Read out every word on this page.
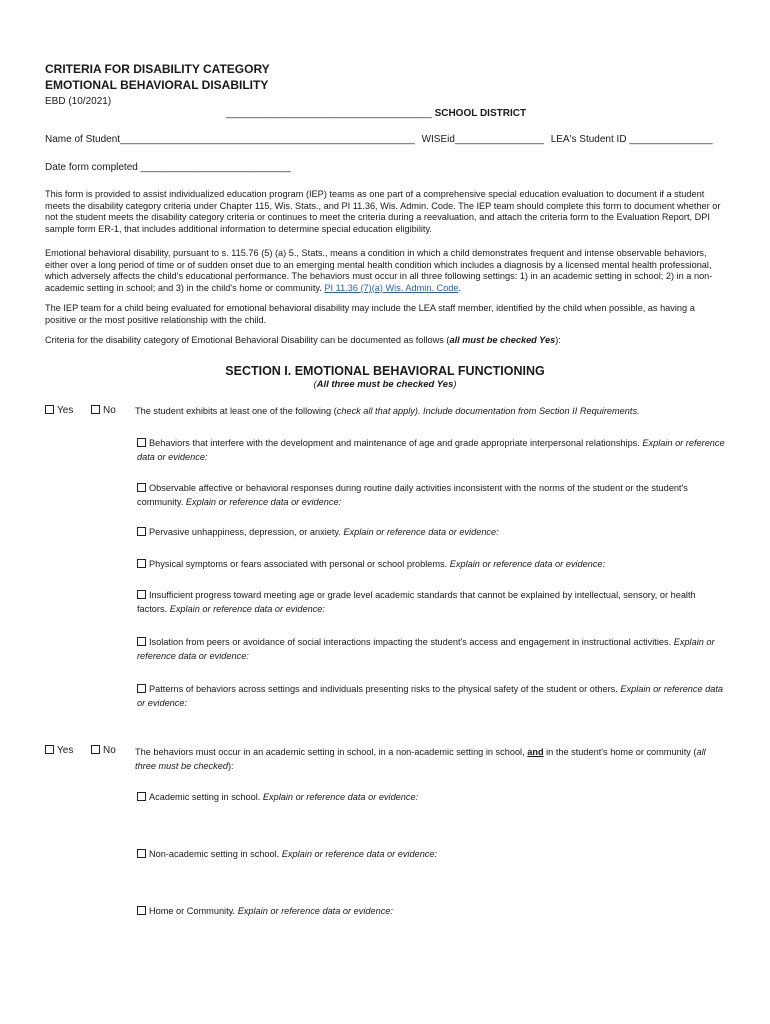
CRITERIA FOR DISABILITY CATEGORY
EMOTIONAL BEHAVIORAL DISABILITY
EBD (10/2021)
_____________________________________ SCHOOL DISTRICT
Name of Student_____________________________________________________ WISEid________________ LEA's Student ID _______________
Date form completed ___________________________
This form is provided to assist individualized education program (IEP) teams as one part of a comprehensive special education evaluation to document if a student meets the disability category criteria under Chapter 115, Wis. Stats., and PI 11.36, Wis. Admin. Code. The IEP team should complete this form to document whether or not the student meets the disability category criteria or continues to meet the criteria during a reevaluation, and attach the criteria form to the Evaluation Report, DPI sample form ER-1, that includes additional information to determine special education eligibility.
Emotional behavioral disability, pursuant to s. 115.76 (5) (a) 5., Stats., means a condition in which a child demonstrates frequent and intense observable behaviors, either over a long period of time or of sudden onset due to an emerging mental health condition which includes a diagnosis by a licensed mental health professional, which adversely affects the child's educational performance. The behaviors must occur in all three following settings: 1) in an academic setting in school; 2) in a non-academic setting in school; and 3) in the child's home or community. PI 11.36 (7)(a) Wis. Admin. Code.
The IEP team for a child being evaluated for emotional behavioral disability may include the LEA staff member, identified by the child when possible, as having a positive or the most positive relationship with the child.
Criteria for the disability category of Emotional Behavioral Disability can be documented as follows (all must be checked Yes):
SECTION I. EMOTIONAL BEHAVIORAL FUNCTIONING
(All three must be checked Yes)
Yes	No The student exhibits at least one of the following (check all that apply). Include documentation from Section II Requirements.
Behaviors that interfere with the development and maintenance of age and grade appropriate interpersonal relationships. Explain or reference data or evidence:
Observable affective or behavioral responses during routine daily activities inconsistent with the norms of the student or the student's community. Explain or reference data or evidence:
Pervasive unhappiness, depression, or anxiety. Explain or reference data or evidence:
Physical symptoms or fears associated with personal or school problems. Explain or reference data or evidence:
Insufficient progress toward meeting age or grade level academic standards that cannot be explained by intellectual, sensory, or health factors. Explain or reference data or evidence:
Isolation from peers or avoidance of social interactions impacting the student's access and engagement in instructional activities. Explain or reference data or evidence:
Patterns of behaviors across settings and individuals presenting risks to the physical safety of the student or others. Explain or reference data or evidence:
Yes	No The behaviors must occur in an academic setting in school, in a non-academic setting in school, and in the student's home or community (all three must be checked):
Academic setting in school. Explain or reference data or evidence:
Non-academic setting in school. Explain or reference data or evidence:
Home or Community. Explain or reference data or evidence:
